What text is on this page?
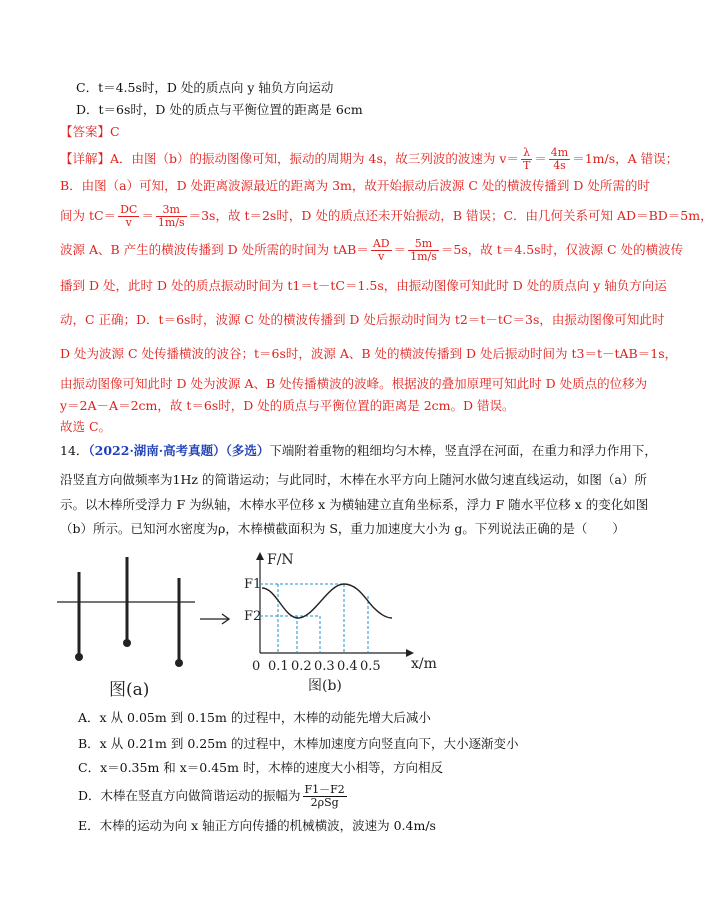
C．t＝4.5s时，D 处的质点向 y 轴负方向运动
D．t＝6s时，D 处的质点与平衡位置的距离是 6cm
【答案】C
【详解】A．由图（b）的振动图像可知，振动的周期为 4s，故三列波的波速为 $v= \frac{\lambda}{T} = \frac{4m}{4s} =1m/s$，A 错误；
B．由图（a）可知，D 处距离波源最近的距离为 3m，故开始振动后波源 C 处的横波传播到 D 处所需的时
间为 $tC= \frac{DC}{v} = \frac{3m}{1m/s} =3s$，故 t＝2s时，D 处的质点还未开始振动，B 错误；C．由几何关系可知 AD＝BD＝5m，
波源 A、B 产生的横波传播到 D 处所需的时间为 $tAB= \frac{AD}{v} = \frac{5m}{1m/s} =5s$，故 t＝4.5s时，仅波源 C 处的横波传
播到 D 处，此时 D 处的质点振动时间为 t1＝t－tC＝1.5s，由振动图像可知此时 D 处的质点向 y 轴负方向运
动，C 正确；D．t＝6s时，波源 C 处的横波传播到 D 处后振动时间为 t2＝t－tC＝3s，由振动图像可知此时
D 处为波源 C 处传播横波的波谷；t＝6s时，波源 A、B 处的横波传播到 D 处后振动时间为 t3＝t－tAB＝1s，
由振动图像可知此时 D 处为波源 A、B 处传播横波的波峰。根据波的叠加原理可知此时 D 处质点的位移为
y＝2A－A＝2cm，故 t＝6s时，D 处的质点与平衡位置的距离是 2cm。D 错误。
故选 C。
14．（2022·湖南·高考真题）（多选）下端附着重物的粗细均匀木棒，竖直浮在河面，在重力和浮力作用下，
沿竖直方向做频率为1Hz 的简谐运动；与此同时，木棒在水平方向上随河水做匀速直线运动，如图（a）所
示。以木棒所受浮力 F 为纵轴，木棒水平位移 x 为横轴建立直角坐标系，浮力 F 随水平位移 x 的变化如图
（b）所示。已知河水密度为ρ，木棒横截面积为 S，重力加速度大小为 g。下列说法正确的是（　　）
图(a)
F/N
x/m
F1
F2
0 0.1 0.2 0.3 0.4 0.5
图(b)
A．x 从 0.05m 到 0.15m 的过程中，木棒的动能先增大后减小
B．x 从 0.21m 到 0.25m 的过程中，木棒加速度方向竖直向下，大小逐渐变小
C．x＝0.35m 和 x＝0.45m 时，木棒的速度大小相等，方向相反
D．木棒在竖直方向做简谐运动的振幅为 $\frac{F1-F2}{\text{2ρSg}}$
E．木棒的运动为向 x 轴正方向传播的机械横波，波速为 0.4m/s
